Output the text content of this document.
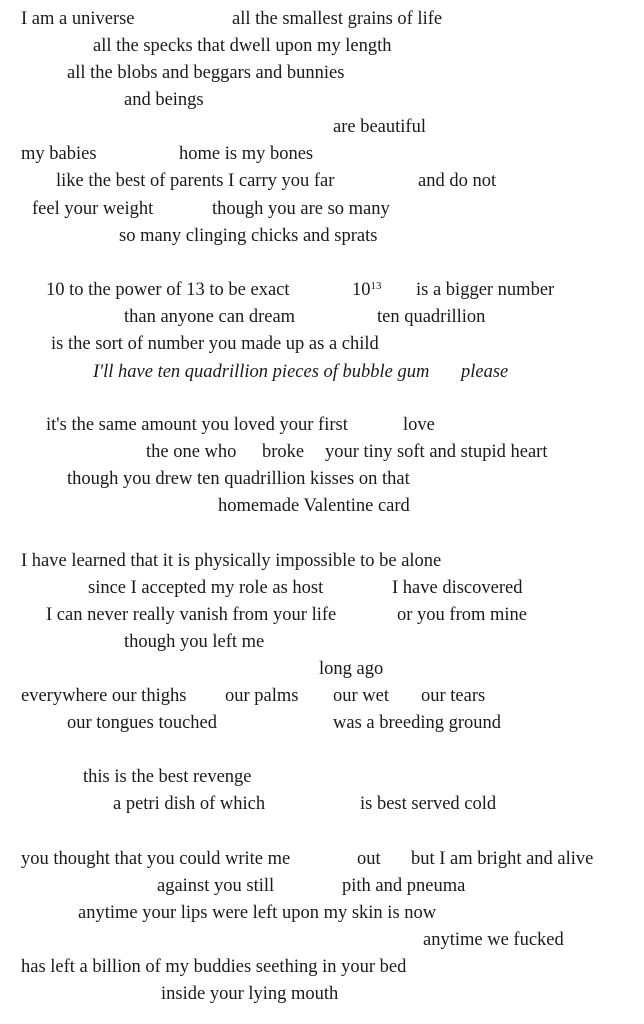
I am a universe	all the smallest grains of life
all the specks that dwell upon my length
all the blobs and beggars and bunnies
and beings
are beautiful
my babies	home is my bones
like the best of parents I carry you far	and do not
feel your weight	though you are so many
so many clinging chicks and sprats
10 to the power of 13 to be exact	$10^{13}$ is a bigger number
than anyone can dream	ten quadrillion
is the sort of number you made up as a child
I'll have ten quadrillion pieces of bubble gum please
it's the same amount you loved your first	love
the one who broke your tiny soft and stupid heart
though you drew ten quadrillion kisses on that
homemade Valentine card
I have learned that it is physically impossible to be alone
since I accepted my role as host	I have discovered
I can never really vanish from your life	or you from mine
though you left me
long ago
everywhere our thighs our palms our wet our tears
our tongues touched	was a breeding ground
this is the best revenge
a petri dish of which	is best served cold
you thought that you could write me	out but I am bright and alive
against you still	pith and pneuma
anytime your lips were left upon my skin is now
anytime we fucked
has left a billion of my buddies seething in your bed
inside your lying mouth
